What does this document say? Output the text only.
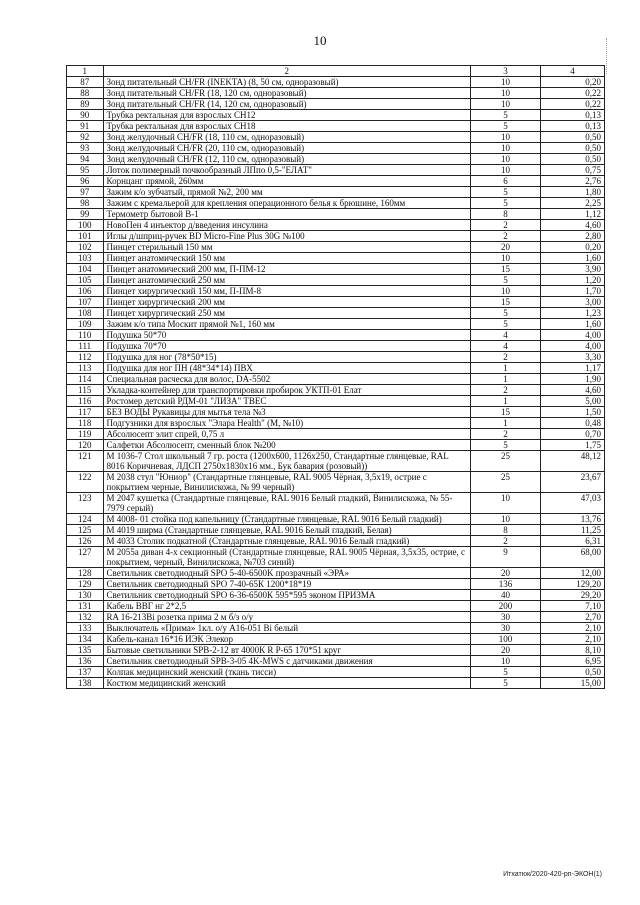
10
1	2	3	4
87	Зонд питательный CH/FR (INEKTA) (8, 50 см, одноразовый)	10	0,20
88	Зонд питательный CH/FR (18, 120 см, одноразовый)	10	0,22
89	Зонд питательный CH/FR (14, 120 см, одноразовый)	10	0,22
90	Трубка ректальная для взрослых CH12	5	0,13
91	Трубка ректальная для взрослых CH18	5	0,13
92	Зонд желудочный CH/FR (18, 110 см, одноразовый)	10	0,50
93	Зонд желудочный CH/FR (20, 110 см, одноразовый)	10	0,50
94	Зонд желудочный CH/FR (12, 110 см, одноразовый)	10	0,50
95	Лоток полимерный почкообразный ЛПпо 0,5-"ЕЛАТ"	10	0,75
96	Корнцанг прямой, 260мм	6	2,76
97	Зажим к/о зубчатый, прямой №2, 200 мм	5	1,80
98	Зажим с кремальерой для крепления операционного белья к брюшине, 160мм	5	2,25
99	Термометр бытовой В-1	8	1,12
100	НовоПен 4 инъектор д/введения инсулина	2	4,60
101	Иглы д/шприц-ручек BD Micro-Fine Plus 30G №100	2	2,80
102	Пинцет стерильный 150 мм	20	0,20
103	Пинцет анатомический 150 мм	10	1,60
104	Пинцет анатомический 200 мм, П-ПМ-12	15	3,90
105	Пинцет анатомический 250 мм	5	1,20
106	Пинцет хирургический 150 мм, П-ПМ-8	10	1,70
107	Пинцет хирургический 200 мм	15	3,00
108	Пинцет хирургический 250 мм	5	1,23
109	Зажим к/о типа Москит прямой №1, 160 мм	5	1,60
110	Подушка 50*70	4	4,00
111	Подушка 70*70	4	4,00
112	Подушка для ног (78*50*15)	2	3,30
113	Подушка для ног ПН (48*34*14) ПВХ	1	1,17
114	Специальная расческа для волос, DA-5502	1	1,90
115	Укладка-контейнер для транспортировки пробирок УКТП-01 Елат	2	4,60
116	Ростомер детский РДМ-01 "ЛИЗА" ТВЕС	1	5,00
117	БЕЗ ВОДЫ Рукавицы для мытья тела №3	15	1,50
118	Подгузники для взрослых "Элара Health" (M, №10)	1	0,48
119	Абсолюсепт элит спрей, 0,75 л	2	0,70
120	Салфетки Абсолюсепт, сменный блок №200	5	1,75
121	М 1036-7 Стол школьный 7 гр. роста (1200х600, 1126х250, Стандартные глянцевые, RAL 8016 Коричневая, ЛДСП 2750х1830х16 мм., Бук бавария (розовый))	25	48,12
122	М 2038 стул "Юниор" (Стандартные глянцевые, RAL 9005 Чёрная, 3,5х19, острие с покрытием черные, Винилискожа, № 99 черный)	25	23,67
123	М 2047 кушетка (Стандартные глянцевые, RAL 9016 Белый гладкий, Винилискожа, № 55-7979 серый)	10	47,03
124	М 4008- 01 стойка под капельницу (Стандартные глянцевые, RAL 9016 Белый гладкий)	10	13,76
125	М 4019 ширма (Стандартные глянцевые, RAL 9016 Белый гладкий, Белая)	8	11,25
126	М 4033 Столик подкатной (Стандартные глянцевые, RAL 9016 Белый гладкий)	2	6,31
127	М 2055а диван 4-х секционный (Стандартные глянцевые, RAL 9005 Чёрная, 3,5х35, острие, с покрытием, черный, Винилискожа, №703 синий)	9	68,00
128	Светильник светодиодный SPO 5-40-6500K прозрачный «ЭРА»	20	12,00
129	Светильник светодиодный SPO 7-40-65К 1200*18*19	136	129,20
130	Светильник светодиодный SPO 6-36-6500К 595*595 эконом ПРИЗМА	40	29,20
131	Кабель ВВГ нг 2*2,5	200	7,10
132	RA 16-213Bi розетка прима 2 м б/з о/у	30	2,70
133	Выключатель «Прима» 1кл. о/у А16-051 Bi белый	30	2,10
134	Кабель-канал 16*16 ИЭК Элекор	100	2,10
135	Бытовые светильники SPB-2-12 вт 4000К R P-65 170*51 круг	20	8,10
136	Светильник светодиодный SPB-3-05 4K-MWS с датчиками движения	10	6,95
137	Колпак медицинский женский (ткань тисси)	5	0,50
138	Костюм медицинский женский	5	15,00
Итхатюк/2020-420-рп-ЭКОН(1)
